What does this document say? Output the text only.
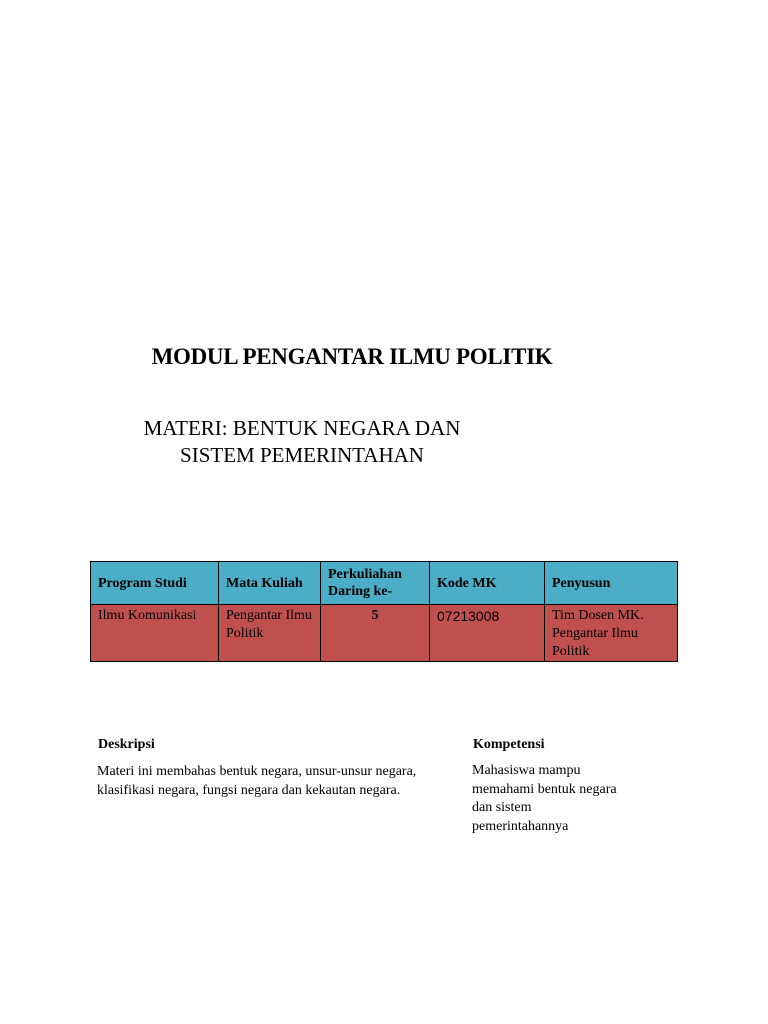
MODUL PENGANTAR ILMU POLITIK
MATERI: BENTUK NEGARA DAN SISTEM PEMERINTAHAN
Program Studi	Mata Kuliah	Perkuliahan Daring ke-	Kode MK	Penyusun
Ilmu Komunikasi	Pengantar Ilmu Politik	5	07213008	Tim Dosen MK. Pengantar Ilmu Politik

Deskripsi

Materi ini membahas bentuk negara, unsur-unsur negara, klasifikasi negara, fungsi negara dan kekautan negara.

Kompetensi

Mahasiswa mampu memahami bentuk negara dan sistem pemerintahannya
